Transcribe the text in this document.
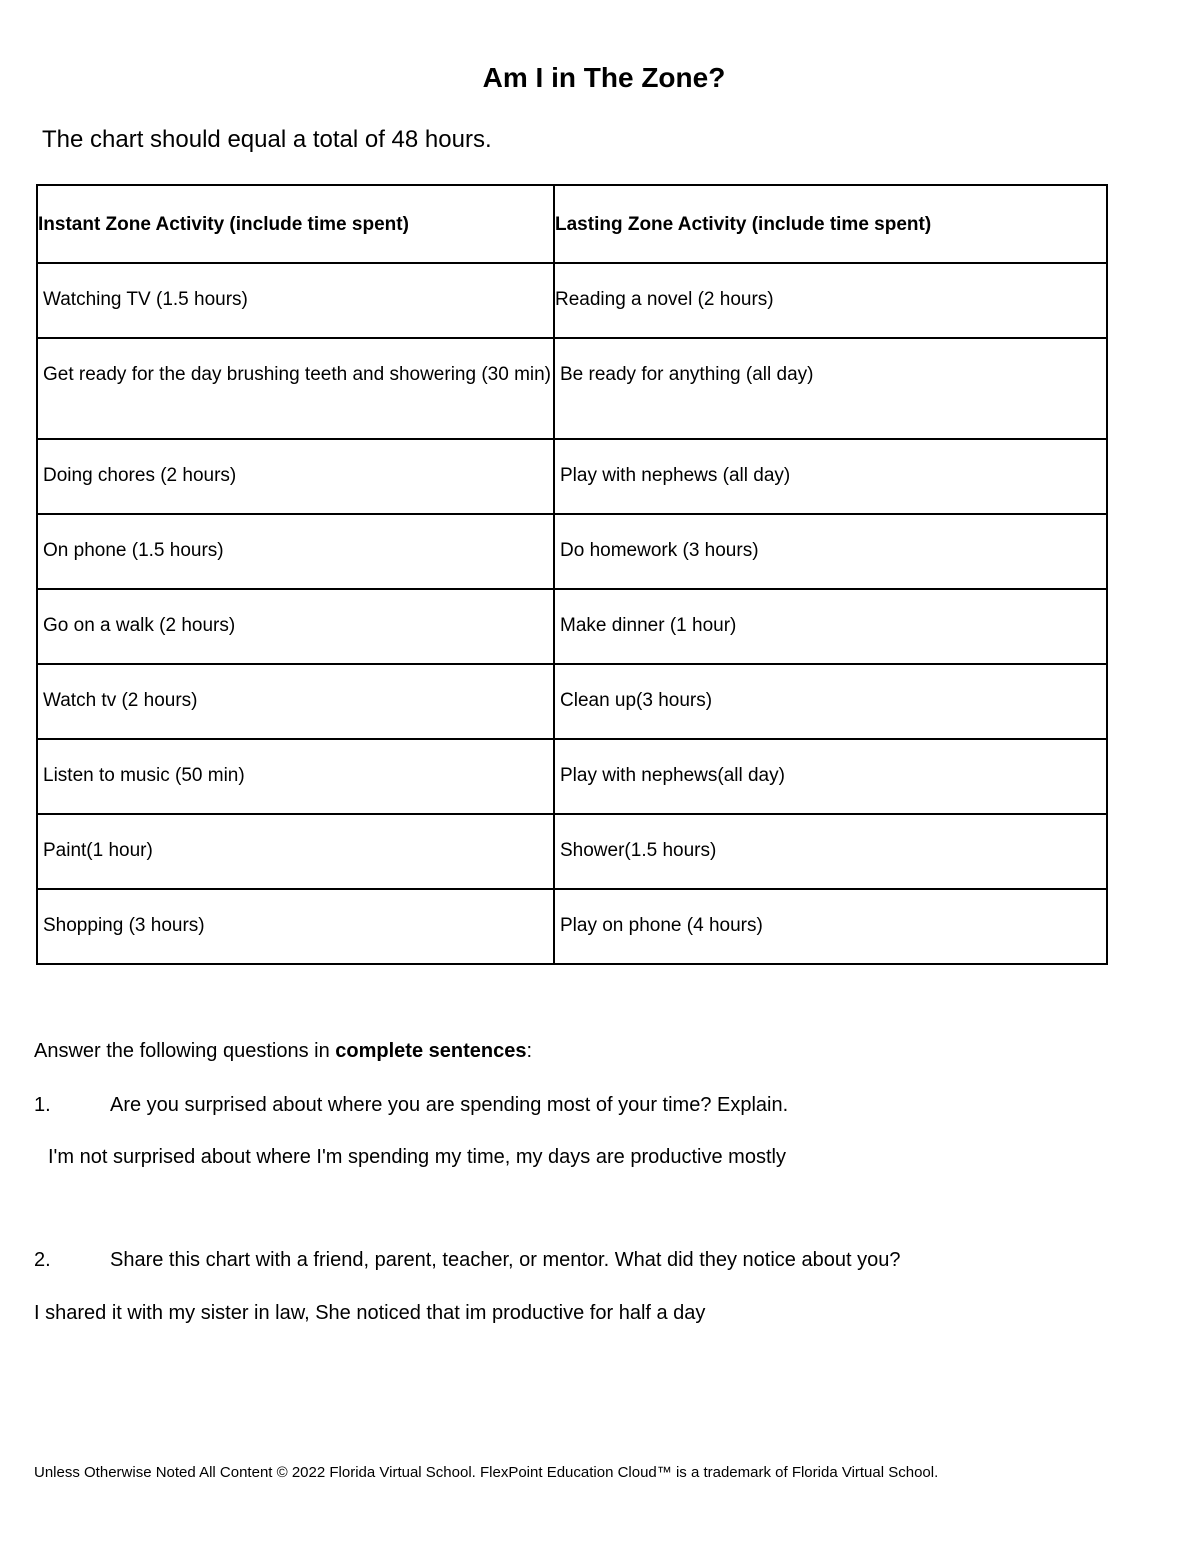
Am I in The Zone?
The chart should equal a total of 48 hours.
Instant Zone Activity (include time spent)	Lasting Zone Activity (include time spent)

Watching TV (1.5 hours)	Reading a novel (2 hours)

Get ready for the day brushing teeth and showering (30 min)	Be ready for anything (all day)

Doing chores (2 hours)	Play with nephews (all day)

On phone (1.5 hours)	Do homework (3 hours)

Go on a walk (2 hours)	Make dinner (1 hour)

Watch tv (2 hours)	Clean up(3 hours)

Listen to music (50 min)	Play with nephews(all day)

Paint(1 hour)	Shower(1.5 hours)

Shopping (3 hours)	Play on phone (4 hours)
Answer the following questions in complete sentences:
1.	Are you surprised about where you are spending most of your time? Explain.
I'm not surprised about where I'm spending my time, my days are productive mostly
2.	Share this chart with a friend, parent, teacher, or mentor. What did they notice about you?
I shared it with my sister in law, She noticed that im productive for half a day
Unless Otherwise Noted All Content © 2022 Florida Virtual School. FlexPoint Education Cloud™ is a trademark of Florida Virtual School.
